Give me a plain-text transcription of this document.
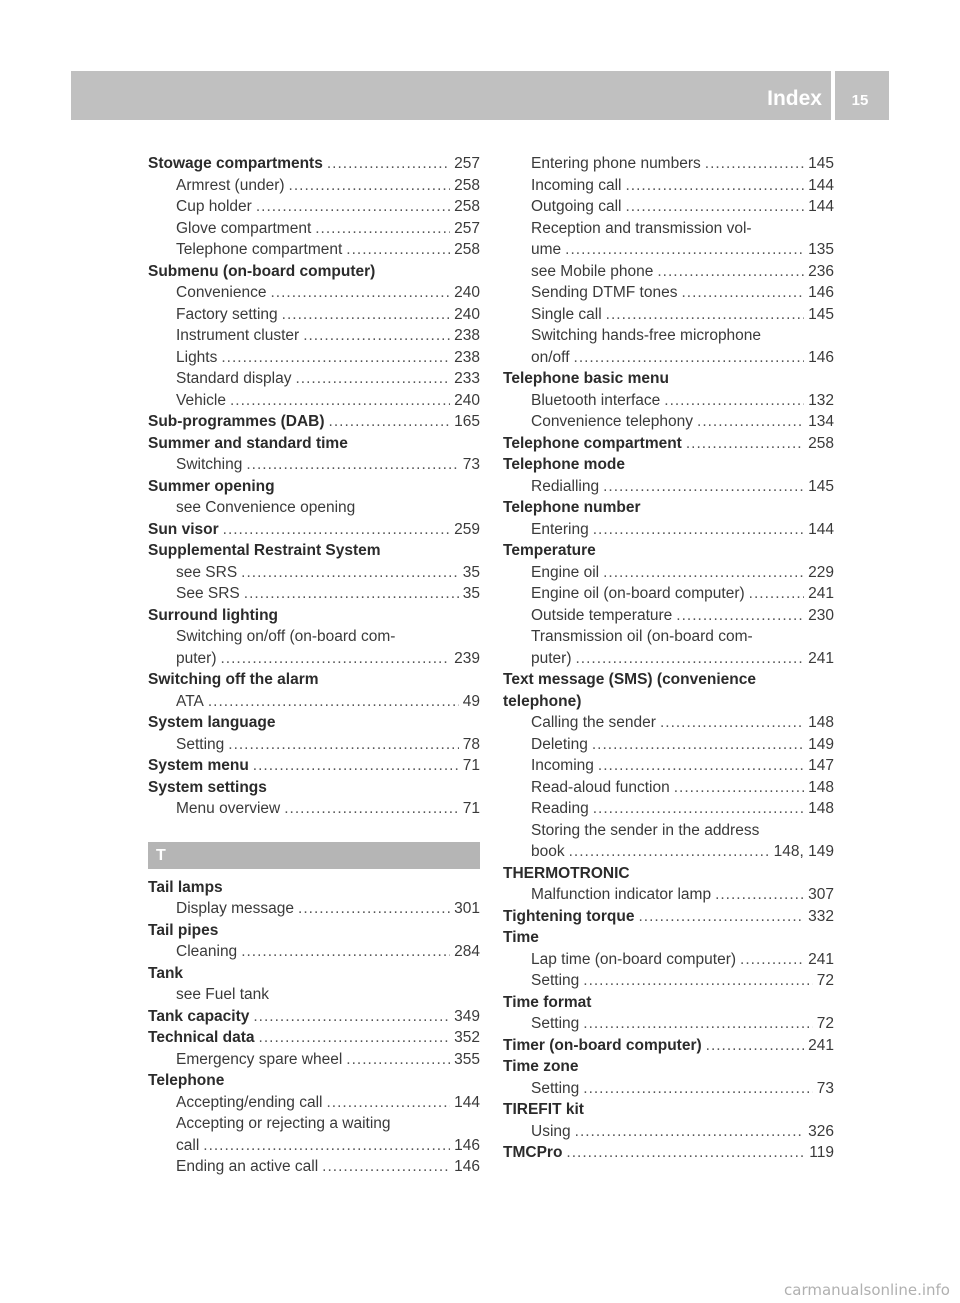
Index	15
Stowage compartments .....	257
Armrest (under) .....	258
Cup holder .....	258
Glove compartment .....	257
Telephone compartment .....	258
Submenu (on-board computer)
Convenience .....	240
Factory setting .....	240
Instrument cluster .....	238
Lights .....	238
Standard display .....	233
Vehicle .....	240
Sub-programmes (DAB) .....	165
Summer and standard time
Switching .....	73
Summer opening
see Convenience opening
Sun visor .....	259
Supplemental Restraint System
see SRS .....	35
See SRS .....	35
Surround lighting
Switching on/off (on-board com-
puter) .....	239
Switching off the alarm
ATA .....	49
System language
Setting .....	78
System menu .....	71
System settings
Menu overview .....	71
T
Tail lamps
Display message .....	301
Tail pipes
Cleaning .....	284
Tank
see Fuel tank
Tank capacity .....	349
Technical data .....	352
Emergency spare wheel .....	355
Telephone
Accepting/ending call .....	144
Accepting or rejecting a waiting
call .....	146
Ending an active call .....	146
Entering phone numbers .....	145
Incoming call .....	144
Outgoing call .....	144
Reception and transmission vol-
ume .....	135
see Mobile phone .....	236
Sending DTMF tones .....	146
Single call .....	145
Switching hands-free microphone
on/off .....	146
Telephone basic menu
Bluetooth interface .....	132
Convenience telephony .....	134
Telephone compartment .....	258
Telephone mode
Redialling .....	145
Telephone number
Entering .....	144
Temperature
Engine oil .....	229
Engine oil (on-board computer) .....	241
Outside temperature .....	230
Transmission oil (on-board com-
puter) .....	241
Text message (SMS) (convenience
telephone)
Calling the sender .....	148
Deleting .....	149
Incoming .....	147
Read-aloud function .....	148
Reading .....	148
Storing the sender in the address
book .....	148, 149
THERMOTRONIC
Malfunction indicator lamp .....	307
Tightening torque .....	332
Time
Lap time (on-board computer) .....	241
Setting .....	72
Time format
Setting .....	72
Timer (on-board computer) .....	241
Time zone
Setting .....	73
TIREFIT kit
Using .....	326
TMCPro .....	119
carmanualsonline.info
